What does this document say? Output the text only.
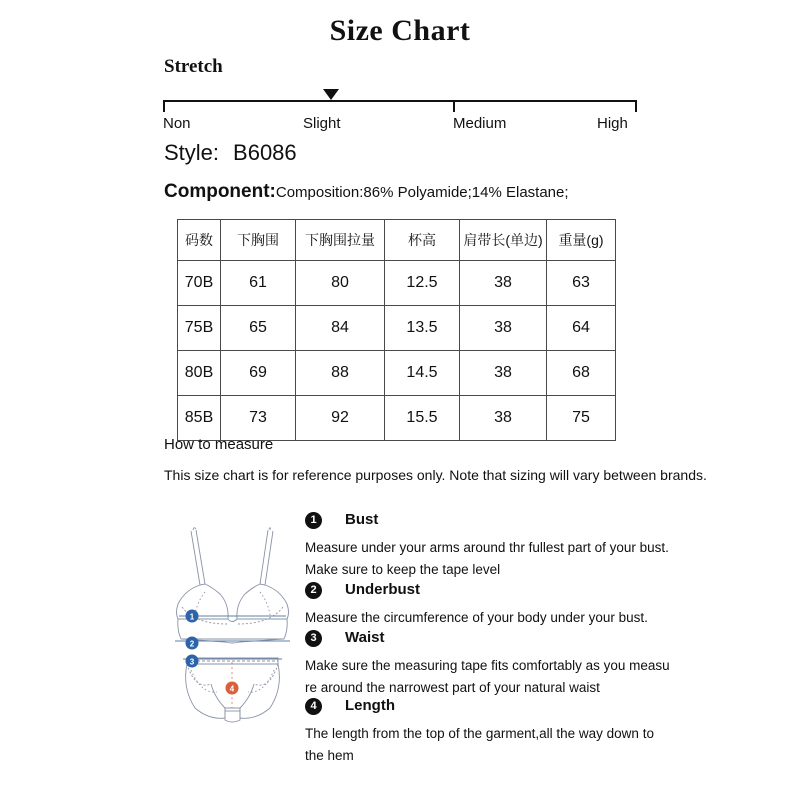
Size Chart
Stretch
Non	Slight	Medium	High
Style: B6086
Component:Composition:86% Polyamide;14% Elastane;
码数	下胸围	下胸围拉量	杯高	肩带长(单边)	重量(g)
70B	61	80	12.5	38	63
75B	65	84	13.5	38	64
80B	69	88	14.5	38	68
85B	73	92	15.5	38	75
How to measure
This size chart is for reference purposes only. Note that sizing will vary between brands.
1
2
3
4
1	Bust
Measure under your arms around thr fullest part of your bust.
Make sure to keep the tape level
2	Underbust
Measure the circumference of your body under your bust.
3	Waist
Make sure the measuring tape fits comfortably as you measu
re around the narrowest part of your natural waist
4	Length
The length from the top of the garment,all the way down to
the hem
